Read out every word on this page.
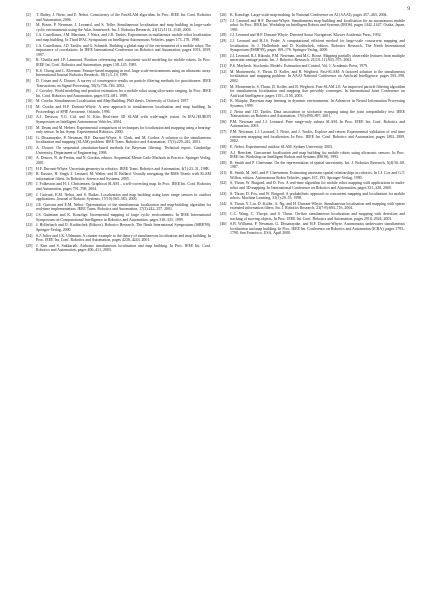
9
[2]	T. Bailey, J. Nieto, and E. Nebot. Consistency of the FastSLAM algorithm. In Proc. IEEE Int. Conf. Robotics and Automation, 2006.
[3]	M. Bosse, P. Newman, J. Leonard, and S. Teller. Simultaneous localization and map building in large-scale cyclic environments using the Atlas framework. Int. J. Robotics Research, 23(12):1113–1140, 2004.
[4]	J.A. Castellanos, J.M. Martinez, J. Neira, and J.D. Tardós. Experiments in multisensor mobile robot localization and map building. In Third IFAC Symposium on Intelligent Autonomous Vehicles, pages 173–178, 1998.
[5]	J.A. Castellanos, J.D. Tardós, and G. Schmidt. Building a global map of the environment of a mobile robot: The importance of correlations. In IEEE International Conference on Robotics and Automation, pages 1053–1059, 1997.
[6]	R. Chatila and J.P. Laumond. Position referencing and consistent world modeling for mobile robots. In Proc. IEEE Int. Conf. Robotics and Automation, pages 138–145, 1985.
[7]	K.S. Chong and L. Kleeman. Feature-based mapping in real, large scale environments using an ultrasonic array. International Journal Robotics Research, 18(1):3–19, 1999.
[8]	D. Crisan and A. Doucet. A survey of convergence results on particle filtering methods for practitioners. IEEE Transactions on Signal Processing, 50(3):736–746, 2002.
[9]	J. Crowley. World modeling and position estimation for a mobile robot using ultra-sonic ranging. In Proc. IEEE Int. Conf. Robotics and Automation, pages 674–681, 1989.
[10] M. Csorba. Simultaneous Localisation and Map Building. PhD thesis, University of Oxford, 1997.
[11] M. Csorba and H.F. Durrant-Whyte. A new approach to simultaneous localisation and map building. In Proceedings of SPIE Aerosense, Orlando, 1996.
[12] A.J. Davison, Y.G. Cid, and N. Kita. Real-time 3D SLAM with wide-angle vision. In IFAC/EURON Symposium on Intelligent Autonomous Vehicles, 2004.
[13] M. Deans and M. Hebert. Experimental comparison of techniques for localization and mapping using a bearing-only sensor. In Int. Symp. Experimental Robotics, 2000.
[14] G. Dissanayake, P. Newman, H.F. Durrant-Whyte, S. Clark, and M. Csobra. A solution to the simultaneous localization and mapping (SLAM) problem. IEEE Trans. Robotics and Automation, 17(3):229–241, 2001.
[15] A. Doucet. On sequential simulation-based methods for Bayesian filtering. Technical report, Cambridge University, Department of Engineering, 1998.
[16] A. Doucet, N. de Freitas, and N. Gordon, editors. Sequential Monte Carlo Methods in Practice. Springer Verlag, 2001.
[17] H.F. Durrant-Whyte. Uncertain geometry in robotics. IEEE Trans. Robotics and Automation, 4(1):23–31, 1988.
[18] R. Eustice, H. Singh, J. Leonard, M. Walter, and R. Ballard. Visually navigating the RMS Titanic with SLAM information filters. In Robotics: Science and Systems, 2005.
[19] J. Folkesson and H. I. Christensen. Graphical SLAM – a self-correcting map. In Proc. IEEE Int. Conf. Robotics and Automation, pages 791–798, 2004.
[20] J. Guivant, E.M. Nebot, and S. Baiker. Localization and map building using laser range sensors in outdoor applications. Journal of Robotic Systems, 17(10):565–583, 2000.
[21] J.E. Guivant and E.M. Nebot. Optimization of the simultaneous localization and map-building algorithm for real-time implementation. IEEE Trans. Robotics and Automation, 17(3):242–257, 2001.
[22] J.S. Gutmann and K. Konolige. Incremental mapping of large cyclic environments. In IEEE International Symposium on Computational Intelligence in Robotics and Automation, pages 318–325, 1999.
[23] J. Hollerbach and D. Koditschek (Editors). Robotics Research, The Ninth International Symposium (ISRR'99). Springer-Verlag, 2000.
[24] S.J. Julier and J.K. Uhlmann. A counter example to the theory of simultaneous localization and map building. In Proc. IEEE Int. Conf. Robotics and Automation, pages 4238–4243, 2001.
[25] J. Kim and S. Sukkarieh. Airborne simultaneous localisation and map building. In Proc. IEEE Int. Conf. Robotics and Automation, pages 406–411, 2003.
[26] K. Konolige. Large-scale map-making. In National Conference on AI (AAAI), pages 457–463, 2004.
[27] J.J. Leonard and H.F. Durrant-Whyte. Simultaneous map building and localisation for an autonomous mobile robot. In Proc. IEEE Int. Workshop on Intelligent Robots and Systems (IROS), pages 1442–1447, Osaka, Japan, 1991.
[28] J.J. Leonard and H.F. Durrant-Whyte. Directed Sonar Navigation. Kluwer Academic Press, 1992.
[29] J.J. Leonard and H.J.S. Feder. A computational efficient method for large-scale concurrent mapping and localisation. In J. Hollerbach and D. Koditschek, editors, Robotics Research, The Ninth International Symposium (ISRR'99), pages 169–176. Springer-Verlag, 2000.
[30] J.J. Leonard, R.J. Rikoski, P.M. Newman, and M.C. Bosse. Mapping partially observable features from multiple uncertain vantage points. Int. J. Robotics Research, 21(10–11):943–975, 2002.
[31] P.S. Maybeck. Stochastic Models, Estimation and Control, Vol. I. Academic Press, 1979.
[32] M. Montemerlo, S. Thrun, D. Koller, and B. Wegbreit. Fast-SLAM: A factored solution to the simultaneous localization and mapping problem. In AAAI National Conference on Artificial Intelligence, pages 593–598, 2002.
[33] M. Montemerlo, S. Thrun, D. Koller, and B. Wegbreit. Fast-SLAM 2.0: An improved particle filtering algorithm for simultaneous localization and mapping that provably converges. In International Joint Conference on Artificial Intelligence, pages 1151–1156, 2003.
[34] K. Murphy. Bayesian map learning in dynamic environments. In Advances in Neural Information Processing Systems, 1999.
[35] J. Neira and J.D. Tardós. Data association in stochastic mapping using the joint compatibility test. IEEE Transactions on Robotics and Automation, 17(6):890–897, 2001.
[36] P.M. Newman and J.J. Leonard. Pure range-only subsea SLAM. In Proc. IEEE Int. Conf. Robotics and Automation, 2003.
[37] P.M. Newman, J.J. Leonard, J. Neira, and J. Tardós. Explore and return: Experimental validation of real time concurrent mapping and localization. In Proc. IEEE Int. Conf. Robotics and Automation, pages 1802–1809, 2002.
[38] E. Nebot. Experimental outdoor SLAM. Sydney University, 2003.
[39] A.J. Rencken. Concurrent localisation and map building for mobile robots using ultrasonic sensors. In Proc. IEEE Int. Workshop on Intelligent Robots and Systems (IROS), 1993.
[40] R. Smith and P. Cheesman. On the representation of spatial uncertainty. Int. J. Robotics Research, 5(4):56–68, 1987.
[41] R. Smith, M. Self, and P. Cheeseman. Estimating uncertain spatial relationships in robotics. In I.J. Cox and G.T. Wilfon, editors, Autonomous Robot Vehicles, pages 167–193. Springer-Verlag, 1990.
[42] S. Thrun, W. Burgard, and D. Fox. A real-time algorithm for mobile robot mapping with applications to multi-robot and 3D mapping. In International Conference on Robotics and Automation, pages 321–328, 2000.
[43] S. Thrun, D. Fox, and W. Burgard. A probabilistic approach to concurrent mapping and localization for mobile robots. Machine Learning, 31(1):29–53, 1998.
[44] S. Thrun, Y. Liu, D. Koller, A. Ng, and H. Durrant-Whyte. Simultaneous localisation and mapping with sparse extended information filters. Int. J. Robotics Research, 23(7-8):693–716, 2004.
[45] C.C. Wang, C. Thorpe, and S. Thrun. On-line simultaneous localization and mapping with detection and tracking of moving objects. In Proc. IEEE Int. Conf. Robotics and Automation, pages 2918–2924, 2003.
[46] S.B. Williams, P. Newman, G. Dissanayake, and H.F. Durrant-Whyte. Autonomous underwater simultaneous localisation and map building. In Proc. IEEE Int. Conference on Robotics and Automation (ICRA), pages 1793–1798, San Francisco, USA, April 2000.
